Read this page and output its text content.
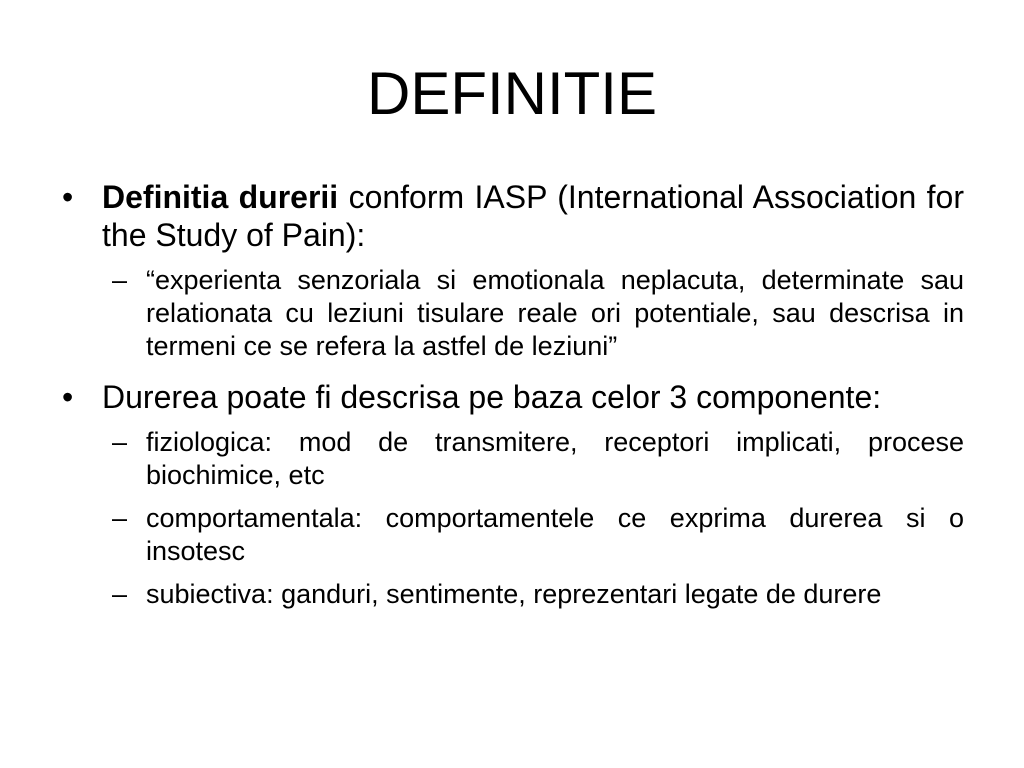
DEFINITIE
• Definitia durerii conform IASP (International Association for the Study of Pain):
– “experienta senzoriala si emotionala neplacuta, determinate sau relationata cu leziuni tisulare reale ori potentiale, sau descrisa in termeni ce se refera la astfel de leziuni”
• Durerea poate fi descrisa pe baza celor 3 componente:
– fiziologica: mod de transmitere, receptori implicati, procese biochimice, etc
– comportamentala: comportamentele ce exprima durerea si o insotesc
– subiectiva: ganduri, sentimente, reprezentari legate de durere
